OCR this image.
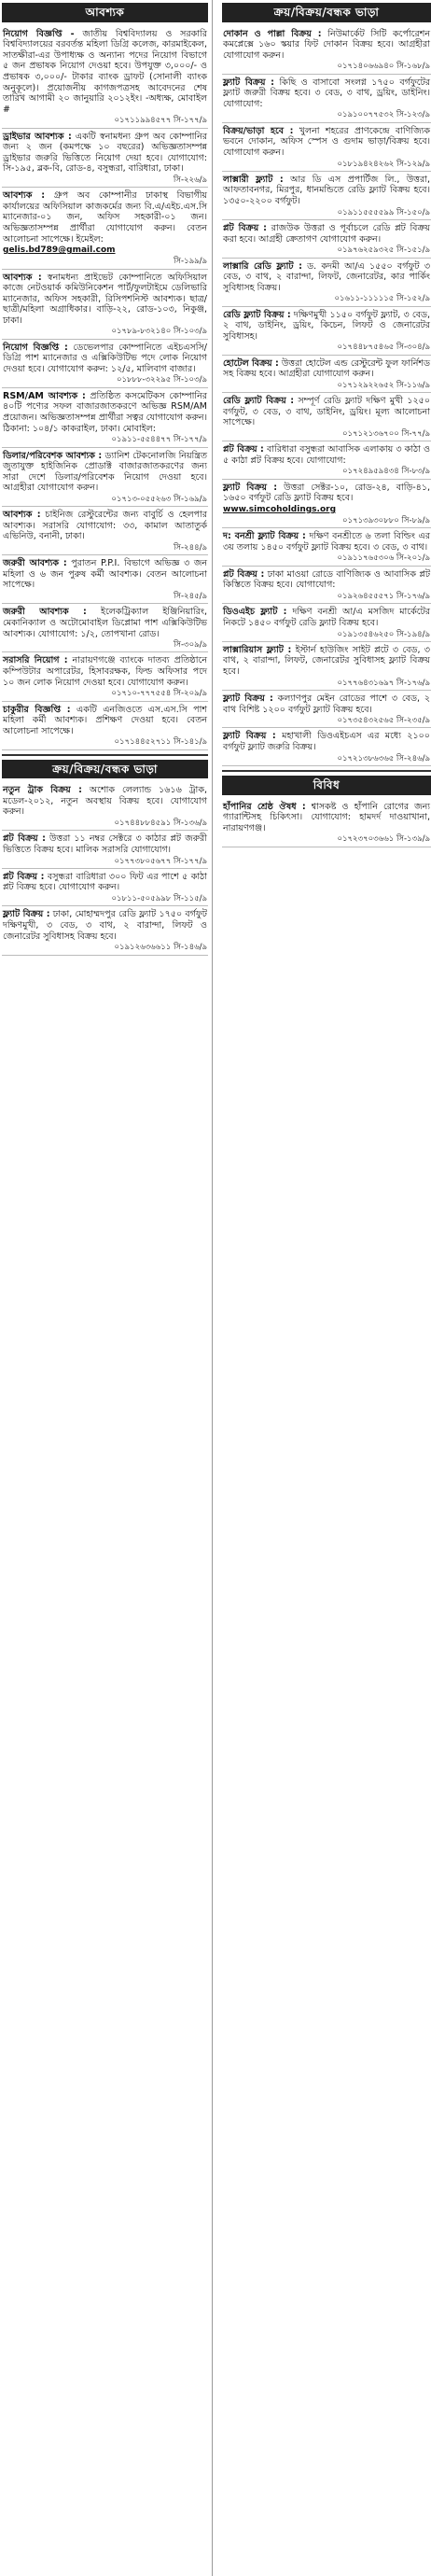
আবশ্যক

নিয়োগ বিজ্ঞপ্তি - জাতীয় বিশ্ববিদ্যালয় ও সরকারি বিশ্ববিদ্যালয়ের বরবর্তন্ত মহিলা ডিগ্রি কলেজ, কারমাইকেল, সাতক্ষীরা-এর উপাধ্যক্ষ ও অন্যান্য পদের নিয়োগ বিভাগে ৫ জন প্রভাষক নিয়োগ দেওয়া হবে। উপযুক্ত ৩,০০০/- ও প্রভাষক ৩,০০০/- টাকার ব্যাংক ড্রাফট (সোনালী ব্যাংক অনুকূলে)। প্রয়োজনীয় কাগজপত্রসহ আবেদনের শেষ তারিখ আগামী ২০ জানুয়ারি ২০১২ইং। -অধ্যক্ষ, মোবাইল #
০১৭১১৯৯৪৫৭৭ সি-১৭৭/৯

ড্রাইভার আবশ্যক : একটি স্বনামধন্য গ্রুপ অব কোম্পানির জন্য ২ জন (কমপক্ষে ১০ বছরের) অভিজ্ঞতাসম্পন্ন ড্রাইভার জরুরি ভিত্তিতে নিয়োগ দেয়া হবে। যোগাযোগ: সি-১৯৫, ব্লক-বি, রোড-৪, বসুন্ধরা, বারিধারা, ঢাকা।
সি-২২৬/৯

আবশ্যক : গ্রুপ অব কোম্পানীর ঢাকাস্থ বিভাগীয় কার্যালয়ের অফিসিয়াল কাজকর্মের জন্য বি.এ/এইচ.এস.সি ম্যানেজার-০১ জন, অফিস সহকারী-০১ জন। অভিজ্ঞতাসম্পন্ন প্রার্থীরা যোগাযোগ করুন। বেতন আলোচনা সাপেক্ষে। ইমেইল:
gelis.bd789@gmail.com
সি-১৯৯/৯

আবশ্যক : স্বনামধন্য প্রাইভেট কোম্পানিতে অফিসিয়াল কাজে নেটওয়ার্ক কমিউনিকেশন পার্ট/ফুলটাইমে ডেলিভারি ম্যানেজার, অফিস সহকারী, রিসিপশনিস্ট আবশ্যক। ছাত্র/ছাত্রী/মহিলা অগ্রাধিকার। বাড়ি-২২, রোড-১০৩, নিকুঞ্জ, ঢাকা।
০১৭৮৯-৮৩২১৪০ সি-১০৩/৯

নিয়োগ বিজ্ঞপ্তি : ডেভেলপার কোম্পানিতে এইচএসসি/ডিগ্রি পাশ ম্যানেজার ও এক্সিকিউটিভ পদে লোক নিয়োগ দেওয়া হবে। যোগাযোগ করুন: ১২/৫, মালিবাগ বাজার।
০১৮৮৮-৩২২৯৫ সি-১০৩/৯

RSM/AM আবশ্যক : প্রতিষ্ঠিত কসমেটিকস কোম্পানির ৪০টি পণ্যের সফল বাজারজাতকরণে অভিজ্ঞ RSM/AM প্রয়োজন। অভিজ্ঞতাসম্পন্ন প্রার্থীরা সত্বর যোগাযোগ করুন। ঠিকানা: ১০৪/১ কাকরাইল, ঢাকা। মোবাইল:
০১৯১১-৫৫৪৪৭৭ সি-১৭৭/৯

ডিলার/পরিবেশক আবশ্যক : ড্যানিশ টেকনোলজি নিয়ন্ত্রিত জুতাযুক্ত হাইজিনিক প্রোডাক্ট বাজারজাতকরণের জন্য সারা দেশে ডিলার/পরিবেশক নিয়োগ দেওয়া হবে। আগ্রহীরা যোগাযোগ করুন।
০১৭১৩-০৫৫২৬৩ সি-১৬৯/৯

আবশ্যক : চাইনিজ রেস্টুরেন্টের জন্য বাবুর্চি ও হেলপার আবশ্যক। সরাসরি যোগাযোগ: ৩৩, কামাল আতাতুর্ক এভিনিউ, বনানী, ঢাকা।
সি-২৪৪/৯

জরুরী আবশ্যক : পুরাতন P.P.I. বিভাগে অভিজ্ঞ ৩ জন মহিলা ও ৬ জন পুরুষ কর্মী আবশ্যক। বেতন আলোচনা সাপেক্ষে।
সি-২৪৫/৯

জরুরী আবশ্যক : ইলেকট্রিক্যাল ইঞ্জিনিয়ারিং, মেকানিক্যাল ও অটোমোবাইল ডিপ্লোমা পাশ এক্সিকিউটিভ আবশ্যক। যোগাযোগ: ১/২, তোপখানা রোড।
সি-৩০৯/৯

সরাসরি নিয়োগ : নারায়ণগঞ্জে ব্যাংকে দাতব্য প্রতিষ্ঠানে কম্পিউটার অপারেটর, হিসাবরক্ষক, ফিল্ড অফিসার পদে ১০ জন লোক নিয়োগ দেওয়া হবে। যোগাযোগ করুন।
০১৭১০-৭৭৭৫৫৪ সি-২০৯/৯

চাকুরীর বিজ্ঞপ্তি : একটি এনজিওতে এস.এস.সি পাশ মহিলা কর্মী আবশ্যক। প্রশিক্ষণ দেওয়া হবে। বেতন আলোচনা সাপেক্ষে।
০১৭১৪৪৫২৭১১ সি-১৪১/৯

ক্রয়/বিক্রয়/বন্ধক ভাড়া

নতুন ট্রাক বিক্রয় : অশোক লেল্যান্ড ১৬১৬ ট্রাক, মডেল-২০১২, নতুন অবস্থায় বিক্রয় হবে। যোগাযোগ করুন।
০১৭৪৪৮৮৪৫৯১ সি-১৩৬/৯

প্লট বিক্রয় : উত্তরা ১১ নম্বর সেক্টরে ৩ কাঠার প্লট জরুরী ভিত্তিতে বিক্রয় হবে। মালিক সরাসরি যোগাযোগ।
০১৭৭৩৮০৫৬৭৭ সি-১৭৭/৯

প্লট বিক্রয় : বসুন্ধরা বারিধারা ৩০০ ফিট এর পাশে ৫ কাঠা প্লট বিক্রয় হবে। যোগাযোগ করুন।
০১৮১১-৫০৫৯৯৮ সি-১১৫/৯

ফ্ল্যাট বিক্রয় : ঢাকা, মোহাম্মদপুর রেডি ফ্ল্যাট ১৭৫০ বর্গফুট দক্ষিণমুখী, ৩ বেড, ৩ বাথ, ২ বারান্দা, লিফট ও জেনারেটর সুবিধাসহ বিক্রয় হবে।
০১৯১২৬৩৬৬১১ সি-১৪৬/৯

ক্রয়/বিক্রয়/বন্ধক ভাড়া

দোকান ও পাল্লা বিক্রয় : নিউমার্কেট সিটি কর্পোরেশন কমপ্লেক্সে ১৬০ স্কয়ার ফিট দোকান বিক্রয় হবে। আগ্রহীরা যোগাযোগ করুন।
০১৭১৪০৬৬৯৪০ সি-১৬৮/৯

ফ্ল্যাট বিক্রয় : কিছি ও বাসাবো সংলগ্ন ১৭৫০ বর্গফুটের ফ্ল্যাট জরুরী বিক্রয় হবে। ৩ বেড, ৩ বাথ, ড্রয়িং, ডাইনিং। যোগাযোগ:
০১৯১০০৭৭৫৩২ সি-১২৩/৯

বিক্রয়/ভাড়া হবে : খুলনা শহরের প্রাণকেন্দ্রে বাণিজ্যিক ভবনে দোকান, অফিস স্পেস ও গুদাম ভাড়া/বিক্রয় হবে। যোগাযোগ করুন।
০১৮১৯৪২৪২৬২ সি-১২৯/৯

লাক্সারী ফ্ল্যাট : আর ডি এস প্রপার্টিজ লি., উত্তরা, আফতাবনগর, মিরপুর, ধানমন্ডিতে রেডি ফ্ল্যাট বিক্রয় হবে। ১৩৫০-২২০০ বর্গফুট।
০১৯১১৫৫৫৫৯৯ সি-১৫০/৯

প্লট বিক্রয় : রাজউক উত্তরা ও পূর্বাচলে রেডি প্লট বিক্রয় করা হবে। আগ্রহী ক্রেতাগণ যোগাযোগ করুন।
০১৯৭৬২৫৯৩২৫ সি-১৫১/৯

লাক্সারি রেডি ফ্ল্যাট : ড. কদমী আ/এ ১৫৫০ বর্গফুট ৩ বেড, ৩ বাথ, ২ বারান্দা, লিফট, জেনারেটর, কার পার্কিং সুবিধাসহ বিক্রয়।
০১৬১১-১১১১১৫ সি-১৫২/৯

রেডি ফ্ল্যাট বিক্রয় : দক্ষিণমুখী ১১৫০ বর্গফুট ফ্ল্যাট, ৩ বেড, ২ বাথ, ডাইনিং, ড্রয়িং, কিচেন, লিফট ও জেনারেটর সুবিধাসহ।
০১৭৪৪৮৭৫৪৬৫ সি-৩০৪/৯

হোটেল বিক্রয় : উত্তরা হোটেল এন্ড রেস্টুরেন্ট ফুল ফার্নিশড সহ বিক্রয় হবে। আগ্রহীরা যোগাযোগ করুন।
০১৭১২৯২২৬৫২ সি-১১৬/৯

রেডি ফ্ল্যাট বিক্রয় : সম্পূর্ণ রেডি ফ্ল্যাট দক্ষিণ মুখী ১২৫০ বর্গফুট, ৩ বেড, ৩ বাথ, ডাইনিং, ড্রয়িং। মূল্য আলোচনা সাপেক্ষে।
০১৭১২১৩৬৭০০ সি-৭৭/৯

প্লট বিক্রয় : বারিধারা বসুন্ধরা আবাসিক এলাকায় ৩ কাঠা ও ৫ কাঠা প্লট বিক্রয় হবে। যোগাযোগ:
০১৭২৪৯৫৯৪৩৪ সি-৮৩/৯

ফ্ল্যাট বিক্রয় : উত্তরা সেক্টর-১০, রোড-২৪, বাড়ি-৪১, ১৬৫০ বর্গফুট রেডি ফ্ল্যাট বিক্রয় হবে।
www.simcoholdings.org
০১৭১৩৯৩০৮৮০ সি-৮৯/৯

দ: বনশ্রী ফ্ল্যাট বিক্রয় : দক্ষিণ বনশ্রীতে ৬ তলা বিল্ডিং এর ৩য় তলায় ১৪৫০ বর্গফুট ফ্ল্যাট বিক্রয় হবে। ৩ বেড, ৩ বাথ।
০১৯১১৭৬৫৩০৬ সি-২০১/৯

প্লট বিক্রয় : ঢাকা মাওয়া রোডে বাণিজ্যিক ও আবাসিক প্লট কিস্তিতে বিক্রয় হবে। যোগাযোগ:
০১৯২৬৪৫৫৫৭১ সি-১৭৬/৯

ডিওএইচ ফ্ল্যাট : দক্ষিণ বনশ্রী আ/এ মসজিদ মার্কেটের নিকটে ১৪৫০ বর্গফুট রেডি ফ্ল্যাট বিক্রয় হবে।
০১৯১৩৫৪৬২৫০ সি-১৯৪/৯

লাক্সারিয়াস ফ্ল্যাট : ইস্টার্ন হাউজিং সাইট প্লটে ৩ বেড, ৩ বাথ, ২ বারান্দা, লিফট, জেনারেটর সুবিধাসহ ফ্ল্যাট বিক্রয় হবে।
০১৭৭৬৪৩১৬৯৭ সি-১৭৬/৯

ফ্ল্যাট বিক্রয় : কল্যাণপুর মেইন রোডের পাশে ৩ বেড, ২ বাথ বিশিষ্ট ১২০০ বর্গফুট ফ্ল্যাট বিক্রয় হবে।
০১৭৩৫৪৩২৫৬৫ সি-২৩৫/৯

ফ্ল্যাট বিক্রয় : মহাখালী ডিওএইচএস এর মধ্যে ২১০০ বর্গফুট ফ্ল্যাট জরুরি বিক্রয়।
০১৭২১৩৮৬৩৬৫ সি-২৪৬/৯

বিবিধ

হাঁপানির শ্রেষ্ঠ ঔষধ : শ্বাসকষ্ট ও হাঁপানি রোগের জন্য গ্যারান্টিসহ চিকিৎসা। যোগাযোগ: হামদর্দ দাওয়াখানা, নারায়ণগঞ্জ।
০১৭২৩৭০৩৬৬১ সি-১৩৯/৯
